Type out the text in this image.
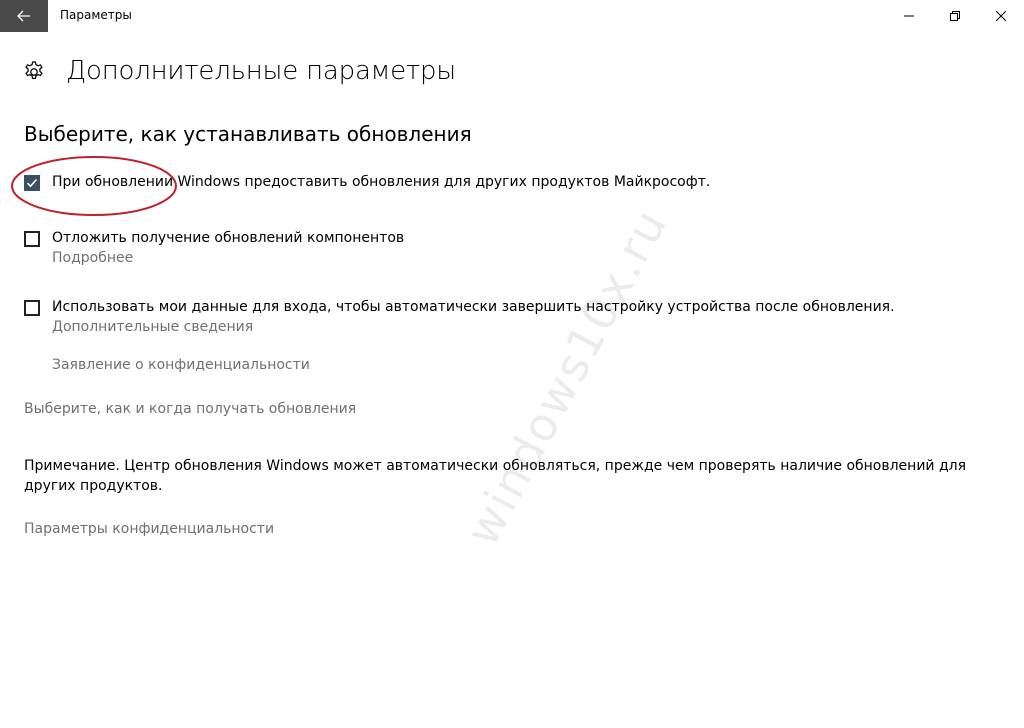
Параметры
Дополнительные параметры
Выберите, как устанавливать обновления
При обновлении Windows предоставить обновления для других продуктов Майкрософт.
Отложить получение обновлений компонентов
Подробнее
Использовать мои данные для входа, чтобы автоматически завершить настройку устройства после обновления.
Дополнительные сведения
Заявление о конфиденциальности
Выберите, как и когда получать обновления
Примечание. Центр обновления Windows может автоматически обновляться, прежде чем проверять наличие обновлений для других продуктов.
Параметры конфиденциальности	windows10x.ru
